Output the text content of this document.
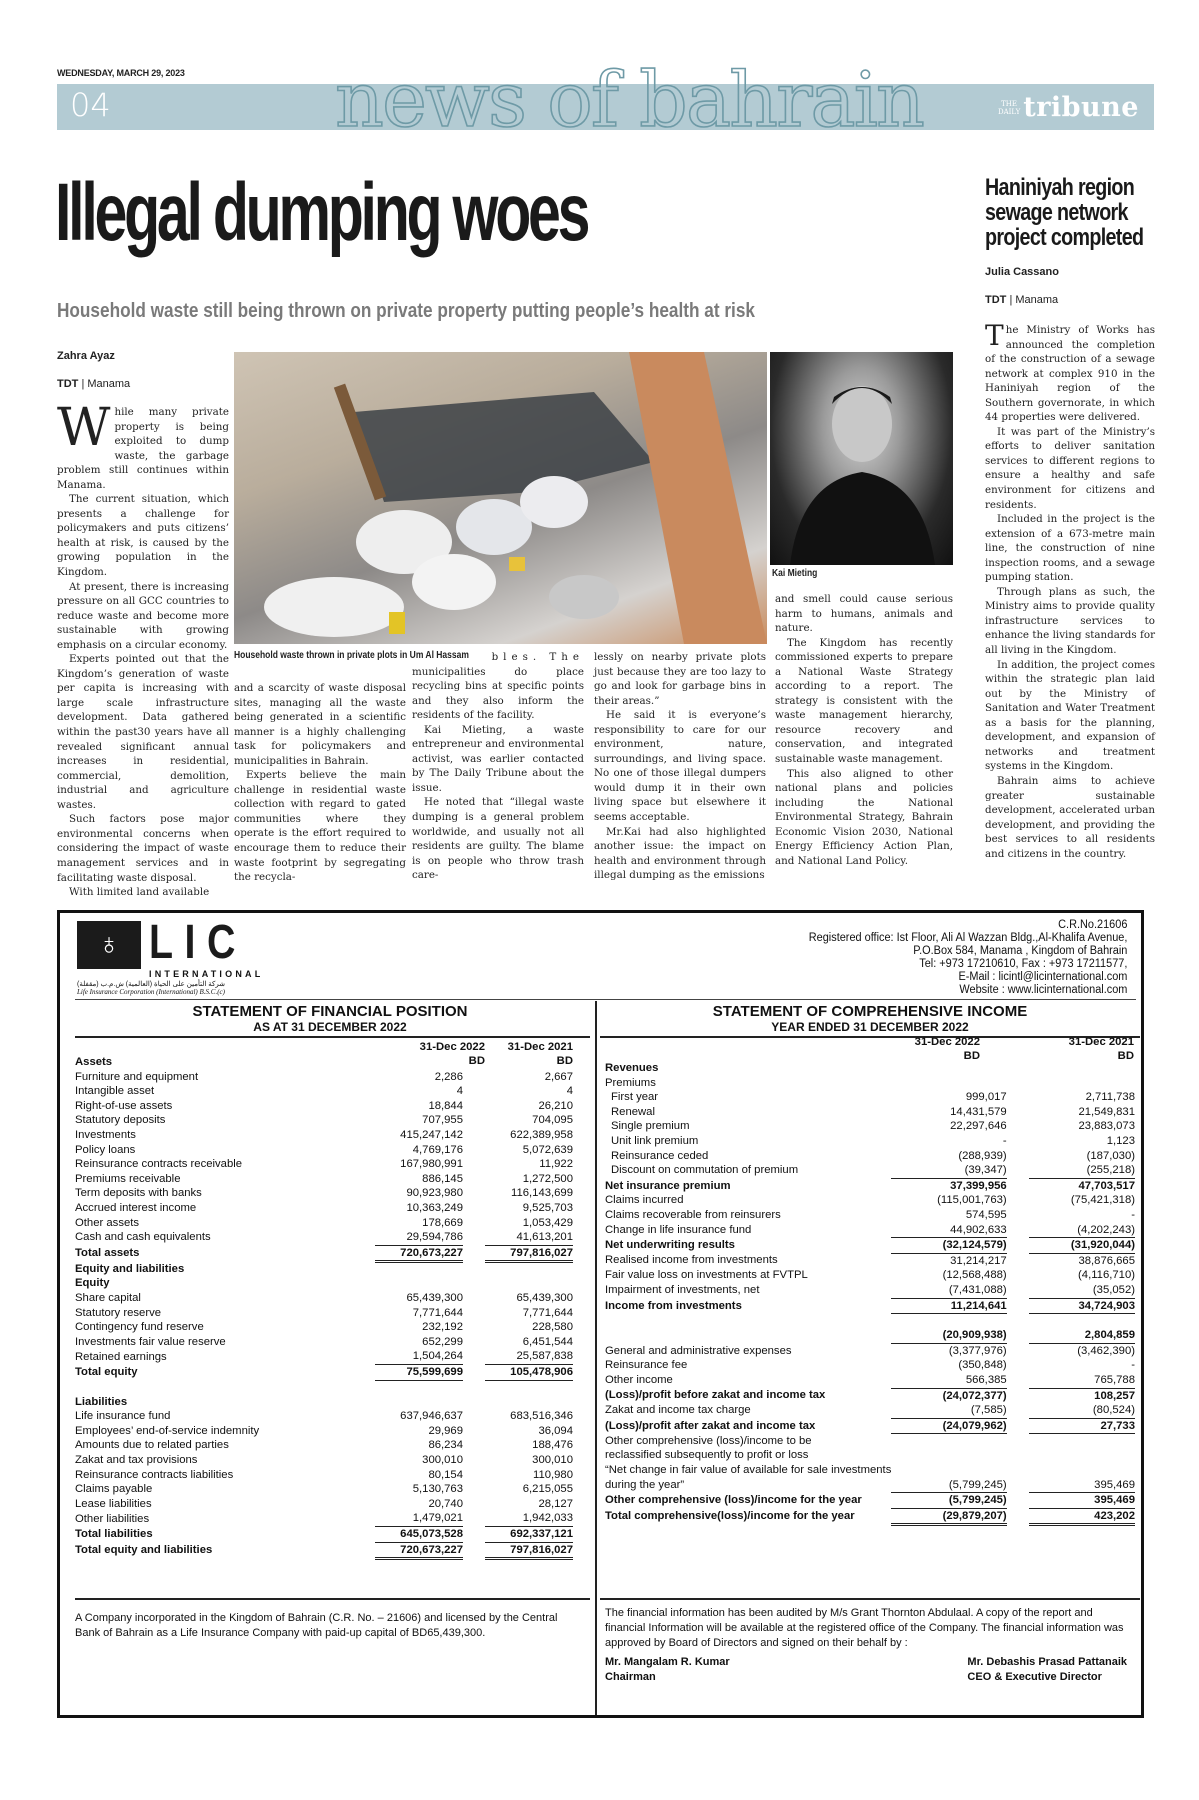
WEDNESDAY, MARCH 29, 2023
04	news of bahrain	THE
DAILY tribune
Illegal dumping woes
Household waste still being thrown on private property putting people’s health at risk
Zahra Ayaz
TDT | Manama

While many private property is being exploited to dump waste, the garbage problem still continues within Manama.

The current situation, which presents a challenge for policymakers and puts citizens’ health at risk, is caused by the growing population in the Kingdom.

At present, there is increasing pressure on all GCC countries to reduce waste and become more sustainable with growing emphasis on a circular economy.

Experts pointed out that the Kingdom’s generation of waste per capita is increasing with large scale infrastructure development. Data gathered within the past30 years have all revealed significant annual increases in residential, commercial, demolition, industrial and agriculture wastes.

Such factors pose major environmental concerns when considering the impact of waste management services and in facilitating waste disposal.

With limited land available

Household waste thrown in private plots in Um Al Hassam
Kai Mieting

and a scarcity of waste disposal sites, managing all the waste being generated in a scientific manner is a highly challenging task for policymakers and municipalities in Bahrain.

Experts believe the main challenge in residential waste collection with regard to gated communities where they operate is the effort required to encourage them to reduce their waste footprint by segregating the recycla-

bles. The

municipalities do place recycling bins at specific points and they also inform the residents of the facility.

Kai Mieting, a waste entrepreneur and environmental activist, was earlier contacted by The Daily Tribune about the issue.

He noted that “illegal waste dumping is a general problem worldwide, and usually not all residents are guilty. The blame is on people who throw trash care-

lessly on nearby private plots just because they are too lazy to go and look for garbage bins in their areas.”

He said it is everyone’s responsibility to care for our environment, nature, surroundings, and living space. No one of those illegal dumpers would dump it in their own living space but elsewhere it seems acceptable.

Mr.Kai had also highlighted another issue: the impact on health and environment through illegal dumping as the emissions

and smell could cause serious harm to humans, animals and nature.

The Kingdom has recently commissioned experts to prepare a National Waste Strategy according to a report. The strategy is consistent with the waste management hierarchy, resource recovery and conservation, and integrated sustainable waste management.

This also aligned to other national plans and policies including the National Environmental Strategy, Bahrain Economic Vision 2030, National Energy Efficiency Action Plan, and National Land Policy.

Haniniyah region
sewage network
project completed
Julia Cassano
TDT | Manama

The Ministry of Works has announced the completion of the construction of a sewage network at complex 910 in the Haniniyah region of the Southern governorate, in which 44 properties were delivered.

It was part of the Ministry’s efforts to deliver sanitation services to different regions to ensure a healthy and safe environment for citizens and residents.

Included in the project is the extension of a 673-metre main line, the construction of nine inspection rooms, and a sewage pumping station.

Through plans as such, the Ministry aims to provide quality infrastructure services to enhance the living standards for all living in the Kingdom.

In addition, the project comes within the strategic plan laid out by the Ministry of Sanitation and Water Treatment as a basis for the planning, development, and expansion of networks and treatment systems in the Kingdom.

Bahrain aims to achieve greater sustainable development, accelerated urban development, and providing the best services to all residents and citizens in the country.

♁ LIC
INTERNATIONAL
شركة التأمين على الحياة (العالمية) ش.م.ب (مقفلة)
Life Insurance Corporation (International) B.S.C.(c)
C.R.No.21606
Registered office: Ist Floor, Ali Al Wazzan Bldg.,Al-Khalifa Avenue,
P.O.Box 584, Manama , Kingdom of Bahrain
Tel: +973 17210610, Fax : +973 17211577,
E-Mail : licintl@licinternational.com
Website : www.licinternational.com
STATEMENT OF FINANCIAL POSITION
AS AT 31 DECEMBER 2022
31-Dec 2022
BD
31-Dec 2021
BD
Assets			
Furniture and equipment	2,286		2,667
Intangible asset	4		4
Right-of-use assets	18,844		26,210
Statutory deposits	707,955		704,095
Investments	415,247,142		622,389,958
Policy loans	4,769,176		5,072,639
Reinsurance contracts receivable	167,980,991		11,922
Premiums receivable	886,145		1,272,500
Term deposits with banks	90,923,980		116,143,699
Accrued interest income	10,363,249		9,525,703
Other assets	178,669		1,053,429
Cash and cash equivalents	29,594,786		41,613,201
Total assets	720,673,227		797,816,027
Equity and liabilities			
Equity			
Share capital	65,439,300		65,439,300
Statutory reserve	7,771,644		7,771,644
Contingency fund reserve	232,192		228,580
Investments fair value reserve	652,299		6,451,544
Retained earnings	1,504,264		25,587,838
Total equity	75,599,699		105,478,906

Liabilities			
Life insurance fund	637,946,637		683,516,346
Employees’ end-of-service indemnity	29,969		36,094
Amounts due to related parties	86,234		188,476
Zakat and tax provisions	300,010		300,010
Reinsurance contracts liabilities	80,154		110,980
Claims payable	5,130,763		6,215,055
Lease liabilities	20,740		28,127
Other liabilities	1,479,021		1,942,033
Total liabilities	645,073,528		692,337,121
Total equity and liabilities	720,673,227		797,816,027
A Company incorporated in the Kingdom of Bahrain (C.R. No. – 21606) and licensed by the Central Bank of Bahrain as a Life Insurance Company with paid-up capital of BD65,439,300.
STATEMENT OF COMPREHENSIVE INCOME
YEAR ENDED 31 DECEMBER 2022
31-Dec 2022
BD
31-Dec 2021
BD
Revenues			
Premiums			
First year	999,017		2,711,738
Renewal	14,431,579		21,549,831
Single premium	22,297,646		23,883,073
Unit link premium	-		1,123
Reinsurance ceded	(288,939)		(187,030)
Discount on commutation of premium	(39,347)		(255,218)
Net insurance premium	37,399,956		47,703,517
Claims incurred	(115,001,763)		(75,421,318)
Claims recoverable from reinsurers	574,595		-
Change in life insurance fund	44,902,633		(4,202,243)
Net underwriting results	(32,124,579)		(31,920,044)
Realised income from investments	31,214,217		38,876,665
Fair value loss on investments at FVTPL	(12,568,488)		(4,116,710)
Impairment of investments, net	(7,431,088)		(35,052)
Income from investments	11,214,641		34,724,903

	(20,909,938)		2,804,859
General and administrative expenses	(3,377,976)		(3,462,390)
Reinsurance fee	(350,848)		-
Other income	566,385		765,788
(Loss)/profit before zakat and income tax	(24,072,377)		108,257
Zakat and income tax charge	(7,585)		(80,524)
(Loss)/profit after zakat and income tax	(24,079,962)		27,733
Other comprehensive (loss)/income to be			
reclassified subsequently to profit or loss			
“Net change in fair value of available for sale investments			
during the year”	(5,799,245)		395,469
Other comprehensive (loss)/income for the year	(5,799,245)		395,469
Total comprehensive(loss)/income for the year	(29,879,207)		423,202
The financial information has been audited by M/s Grant Thornton Abdulaal. A copy of the report and financial Information will be available at the registered office of the Company. The financial information was approved by Board of Directors and signed on their behalf by :
Mr. Mangalam R. Kumar
Chairman
Mr. Debashis Prasad Pattanaik
CEO & Executive Director
